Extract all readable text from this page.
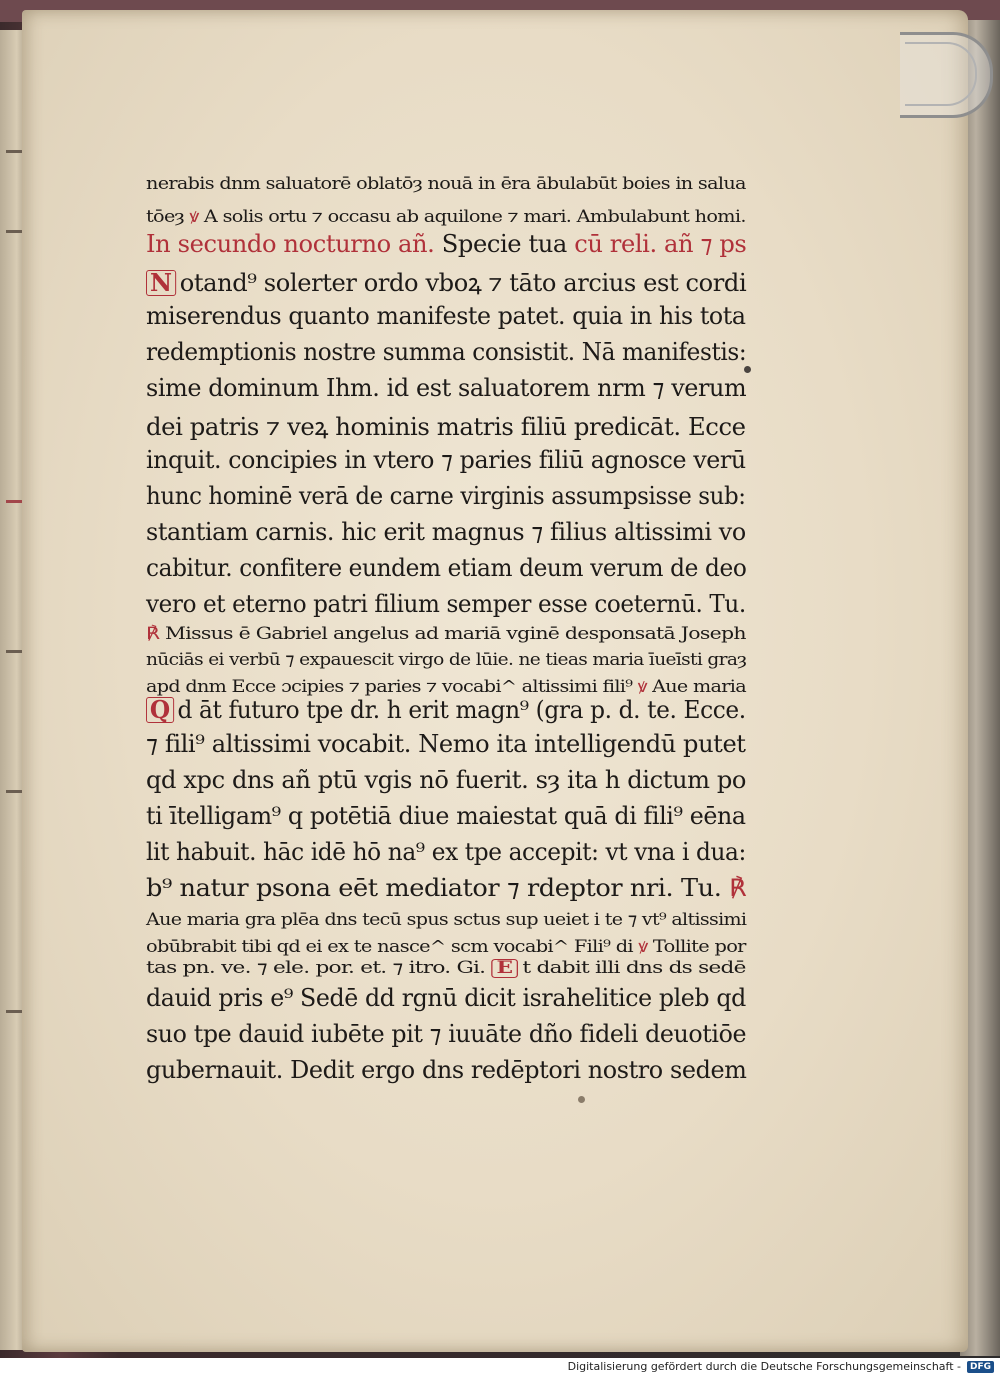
nerabis dnm saluatorē oblatōȝ nouā in ēra ābulabūt boies in salua
tōeȝ ꝟ A solis ortu ⁊ occasu ab aquilone ⁊ mari. Ambulabunt homi.
In secundo nocturno añ. Specie tua cū reli. añ ⁊ ps
N otand⁹ solerter ordo vboꝝ ⁊ tāto arcius est cordi
miserendus quanto manifeste patet. quia in his tota
redemptionis nostre summa consistit. Nā manifestis:
sime dominum Ihm. id est saluatorem nrm ⁊ verum
dei patris ⁊ veꝝ hominis matris filiū predicāt. Ecce
inquit. concipies in vtero ⁊ paries filiū agnosce verū
hunc hominē verā de carne virginis assumpsisse sub:
stantiam carnis. hic erit magnus ⁊ filius altissimi vo
cabitur. confitere eundem etiam deum verum de deo
vero et eterno patri filium semper esse coeternū. Tu.
℟ Missus ē Gabriel angelus ad mariā vginē desponsatā Joseph
nūciās ei verbū ⁊ expauescit virgo de lūie. ne tieas maria īueīsti graȝ
apd dnm Ecce ɔcipies ⁊ paries ⁊ vocabi^ altissimi fili⁹ ꝟ Aue maria
Q d āt futuro tpe dr. h erit magn⁹ (gra p. d. te. Ecce.
⁊ fili⁹ altissimi vocabit. Nemo ita intelligendū putet
qd xpc dns añ ptū vgis nō fuerit. sȝ ita h dictum po
ti ītelligam⁹ q potētiā diue maiestat quā di fili⁹ eēna
lit habuit. hāc idē hō na⁹ ex tpe accepit: vt vna i dua:
b⁹ natur psona eēt mediator ⁊ rdeptor nri. Tu. ℟
Aue maria gra plēa dns tecū spus sctus sup ueiet i te ⁊ vt⁹ altissimi
obūbrabit tibi qd ei ex te nasce^ scm vocabi^ Fili⁹ di ꝟ Tollite por
tas pn. ve. ⁊ ele. por. et. ⁊ itro. Gi. E t dabit illi dns ds sedē
dauid pris e⁹ Sedē dd rgnū dicit israhelitice pleb qd
suo tpe dauid iubēte pit ⁊ iuuāte dño fideli deuotiōe
gubernauit. Dedit ergo dns redēptori nostro sedem
Digitalisierung gefördert durch die Deutsche Forschungsgemeinschaft - DFG
